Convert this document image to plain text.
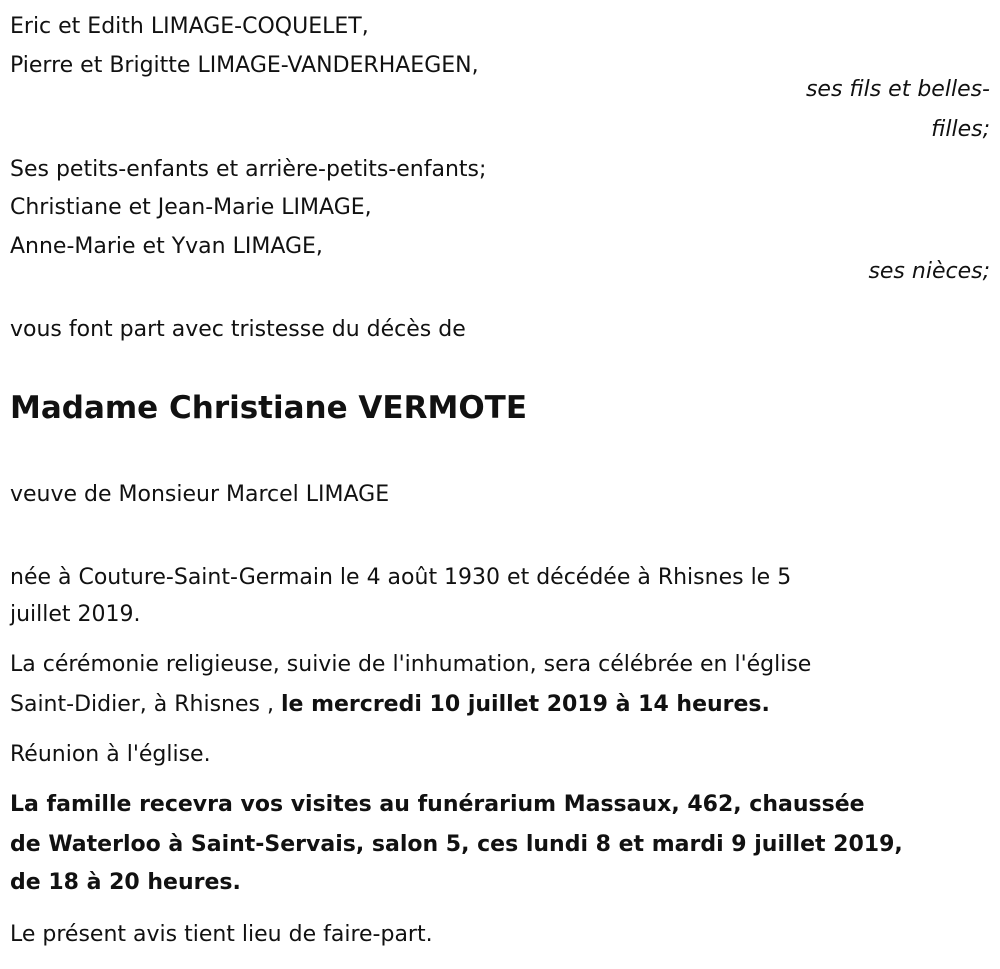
Eric et Edith LIMAGE-COQUELET,
Pierre et Brigitte LIMAGE-VANDERHAEGEN,
ses fils et belles-
filles;
Ses petits-enfants et arrière-petits-enfants;
Christiane et Jean-Marie LIMAGE,
Anne-Marie et Yvan LIMAGE,
ses nièces;
vous font part avec tristesse du décès de
Madame Christiane VERMOTE
veuve de Monsieur Marcel LIMAGE
née à Couture-Saint-Germain le 4 août 1930 et décédée à Rhisnes le 5
juillet 2019.
La cérémonie religieuse, suivie de l'inhumation, sera célébrée en l'église
Saint-Didier, à Rhisnes , le mercredi 10 juillet 2019 à 14 heures.
Réunion à l'église.
La famille recevra vos visites au funérarium Massaux, 462, chaussée
de Waterloo à Saint-Servais, salon 5, ces lundi 8 et mardi 9 juillet 2019,
de 18 à 20 heures.
Le présent avis tient lieu de faire-part.
